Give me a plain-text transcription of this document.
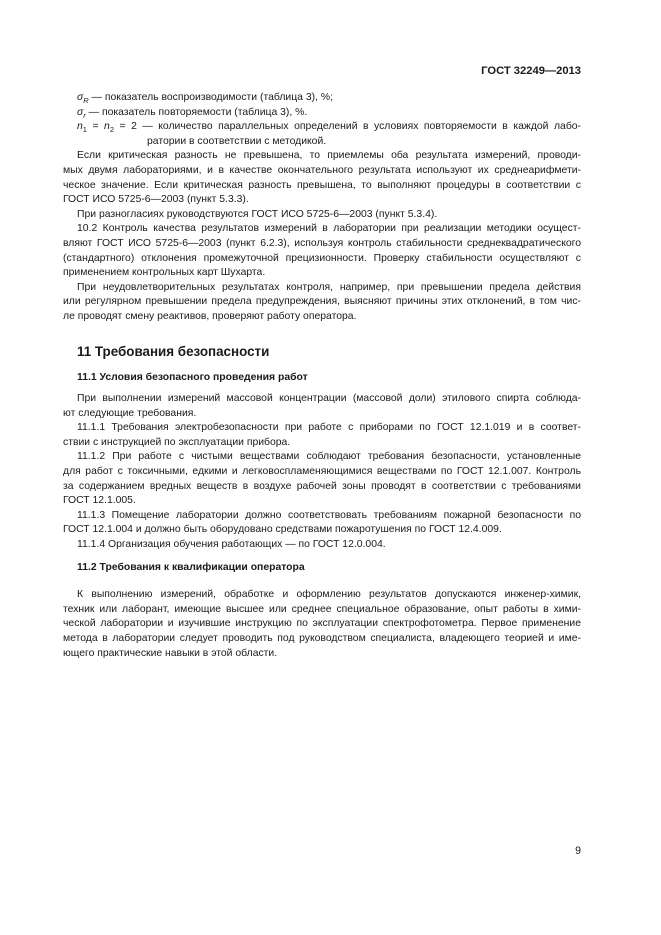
ГОСТ 32249—2013
$\sigma_R$ — показатель воспроизводимости (таблица 3), %;
$\sigma_r$ — показатель повторяемости (таблица 3), %.
$n_1 = n_2 = 2$ — количество параллельных определений в условиях повторяемости в каждой лабо-
ратории в соответствии с методикой.
Если критическая разность не превышена, то приемлемы оба результата измерений, проводи-
мых двумя лабораториями, и в качестве окончательного результата используют их среднеарифмети-
ческое значение. Если критическая разность превышена, то выполняют процедуры в соответствии с
ГОСТ ИСО 5725-6—2003 (пункт 5.3.3).
При разногласиях руководствуются ГОСТ ИСО 5725-6—2003 (пункт 5.3.4).
10.2 Контроль качества результатов измерений в лаборатории при реализации методики осущест-
вляют ГОСТ ИСО 5725-6—2003 (пункт 6.2.3), используя контроль стабильности среднеквадратического
(стандартного) отклонения промежуточной прецизионности. Проверку стабильности осуществляют с
применением контрольных карт Шухарта.
При неудовлетворительных результатах контроля, например, при превышении предела действия
или регулярном превышении предела предупреждения, выясняют причины этих отклонений, в том чис-
ле проводят смену реактивов, проверяют работу оператора.
11 Требования безопасности
11.1 Условия безопасного проведения работ
При выполнении измерений массовой концентрации (массовой доли) этилового спирта соблюда-
ют следующие требования.
11.1.1 Требования электробезопасности при работе с приборами по ГОСТ 12.1.019 и в соответ-
ствии с инструкцией по эксплуатации прибора.
11.1.2 При работе с чистыми веществами соблюдают требования безопасности, установленные
для работ с токсичными, едкими и легковоспламеняющимися веществами по ГОСТ 12.1.007. Контроль
за содержанием вредных веществ в воздухе рабочей зоны проводят в соответствии с требованиями
ГОСТ 12.1.005.
11.1.3 Помещение лаборатории должно соответствовать требованиям пожарной безопасности по
ГОСТ 12.1.004 и должно быть оборудовано средствами пожаротушения по ГОСТ 12.4.009.
11.1.4 Организация обучения работающих — по ГОСТ 12.0.004.
11.2 Требования к квалификации оператора
К выполнению измерений, обработке и оформлению результатов допускаются инженер-химик,
техник или лаборант, имеющие высшее или среднее специальное образование, опыт работы в хими-
ческой лаборатории и изучившие инструкцию по эксплуатации спектрофотометра. Первое применение
метода в лаборатории следует проводить под руководством специалиста, владеющего теорией и име-
ющего практические навыки в этой области.
9
